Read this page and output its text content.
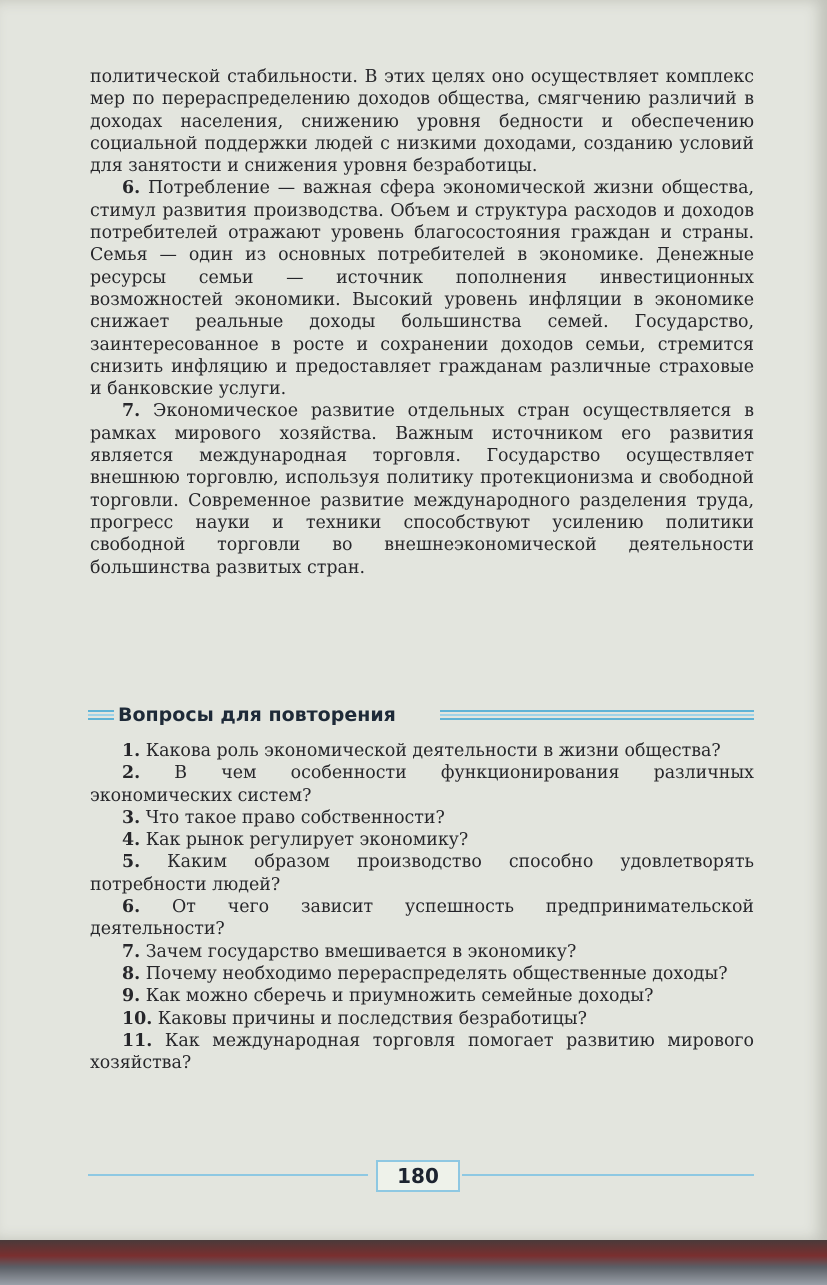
политической стабильности. В этих целях оно осуществляет комплекс мер по перераспределению доходов общества, смягчению различий в доходах населения, снижению уровня бедности и обеспечению социальной поддержки людей с низкими доходами, созданию условий для занятости и снижения уровня безработицы.

6. Потребление — важная сфера экономической жизни общества, стимул развития производства. Объем и структура расходов и доходов потребителей отражают уровень благосостояния граждан и страны. Семья — один из основных потребителей в экономике. Денежные ресурсы семьи — источник пополнения инвестиционных возможностей экономики. Высокий уровень инфляции в экономике снижает реальные доходы большинства семей. Государство, заинтересованное в росте и сохранении доходов семьи, стремится снизить инфляцию и предоставляет гражданам различные страховые и банковские услуги.

7. Экономическое развитие отдельных стран осуществляется в рамках мирового хозяйства. Важным источником его развития является международная торговля. Государство осуществляет внешнюю торговлю, используя политику протекционизма и свободной торговли. Современное развитие международного разделения труда, прогресс науки и техники способствуют усилению политики свободной торговли во внешнеэкономической деятельности большинства развитых стран.

Вопросы для повторения

1. Какова роль экономической деятельности в жизни общества?

2. В чем особенности функционирования различных экономических систем?

3. Что такое право собственности?

4. Как рынок регулирует экономику?

5. Каким образом производство способно удовлетворять потребности людей?

6. От чего зависит успешность предпринимательской деятельности?

7. Зачем государство вмешивается в экономику?

8. Почему необходимо перераспределять общественные доходы?

9. Как можно сберечь и приумножить семейные доходы?

10. Каковы причины и последствия безработицы?

11. Как международная торговля помогает развитию мирового хозяйства?

180
